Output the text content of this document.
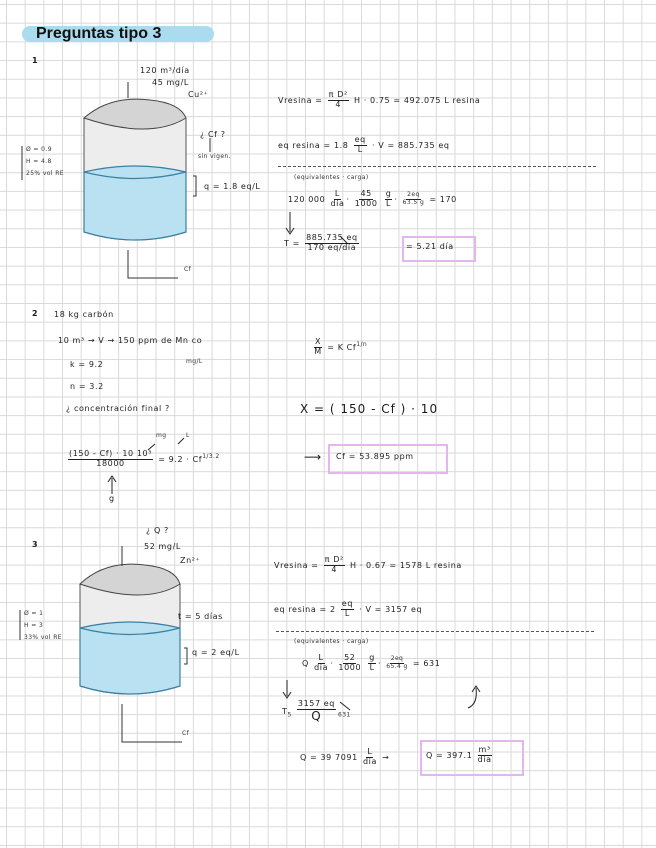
Preguntas tipo 3
1
120 m³/día
45 mg/L
Cu²⁺
¿ Cf ?
sin vigen.
Ø = 0.9
H = 4.8
25% vol RE
q = 1.8 eq/L
Cf
$Vresina = \frac{\text{π D²}}{4}$ H · 0.75 = 492.075 L resina
eq $resina = 1.8 \frac{eq}{L} \cdot V = 885.735$ eq
(equivalentes · carga)
120 $000 \frac{L}{\text{día}} \cdot \frac{45}{1000}$
$\frac{g}{L} \cdot \frac{2eq}{63.5 g} = 170$
$T = \frac{885.735 eq}{\text{170 eq/día}}$	= 5.21 día
2 18 kg carbón
10 m³ → V → 150 ppm de Mn co
mg/L
k = 9.2
n = 3.2
¿ concentración final ?
$\frac{X}{M} = K$ $Cf^{1/n}$
X = ( 150 - Cf ) · 10
mg	L
$\frac{\text{(150 - Cf) · 10 10³}}{18000} = 9.2 \cdot Cf^{1/3.2}$
g
⟶ Cf = 53.895 ppm
3
¿ Q ?
52 mg/L
Zn²⁺
t = 5 días
Ø = 1
H = 3
33% vol RE
q = 2 eq/L
Cf
$Vresina = \frac{\text{π D²}}{4}$ H · 0.67 = 1578 L resina
eq $resina = 2 \frac{eq}{L} \cdot V = 3157$ eq
(equivalentes · carga)
Q $\frac{L}{\text{día}} \cdot \frac{52}{1000}$
$\frac{g}{L} \cdot \frac{2eq}{65.4 g} = 631$
$T_5 \frac{3157 eq}{Q} _{631}$
Q = 39 $7091 \frac{L}{\text{día}}$ →	$Q = 397.1 \frac{\text{m³}}{\text{día}}$
